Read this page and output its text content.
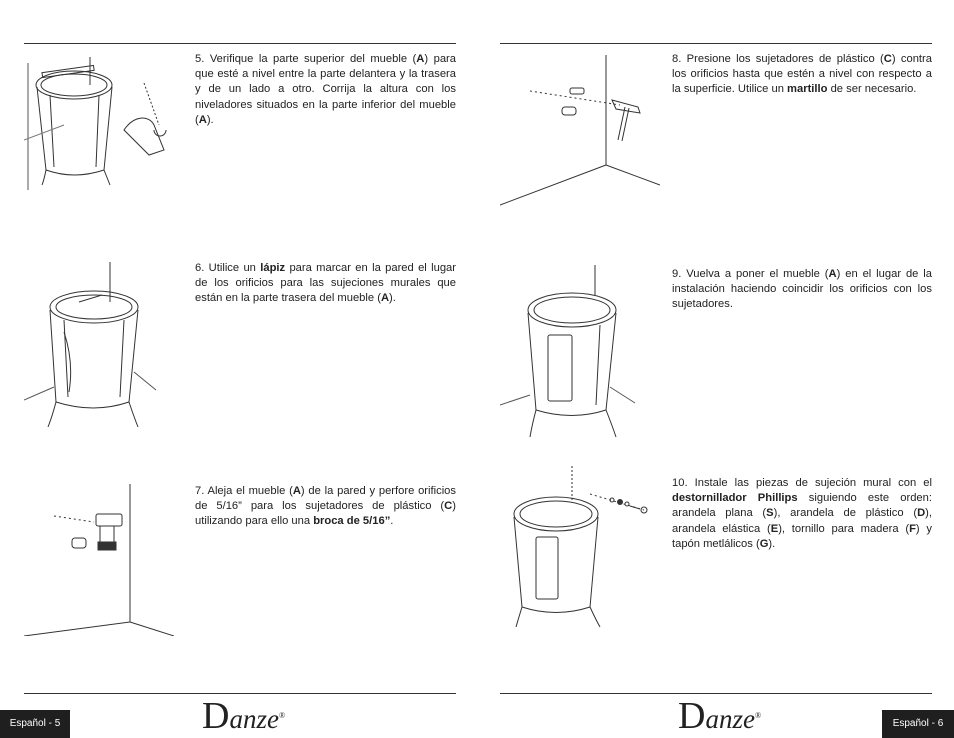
5. Verifique la parte superior del mueble (A) para que esté a nivel entre la parte delantera y la trasera y de un lado a otro. Corrija la altura con los niveladores situados en la parte inferior del mueble (A).
6. Utilice un lápiz para marcar en la pared el lugar de los orificios para las sujeciones murales que están en la parte trasera del mueble (A).
7. Aleja el mueble (A) de la pared y perfore orificios de 5/16” para los sujetadores de plástico (C) utilizando para ello una broca de 5/16”.
8. Presione los sujetadores de plástico (C) contra los orificios hasta que estén a nivel con respecto a la superficie. Utilice un martillo de ser necesario.
9. Vuelva a poner el mueble (A) en el lugar de la instalación haciendo coincidir los orificios con los sujetadores.
10. Instale las piezas de sujeción mural con el destornillador Phillips siguiendo este orden: arandela plana (S), arandela de plástico (D), arandela elástica (E), tornillo para madera (F) y tapón metlálicos (G).
Danze®	Danze®
Español - 5	Español - 6
